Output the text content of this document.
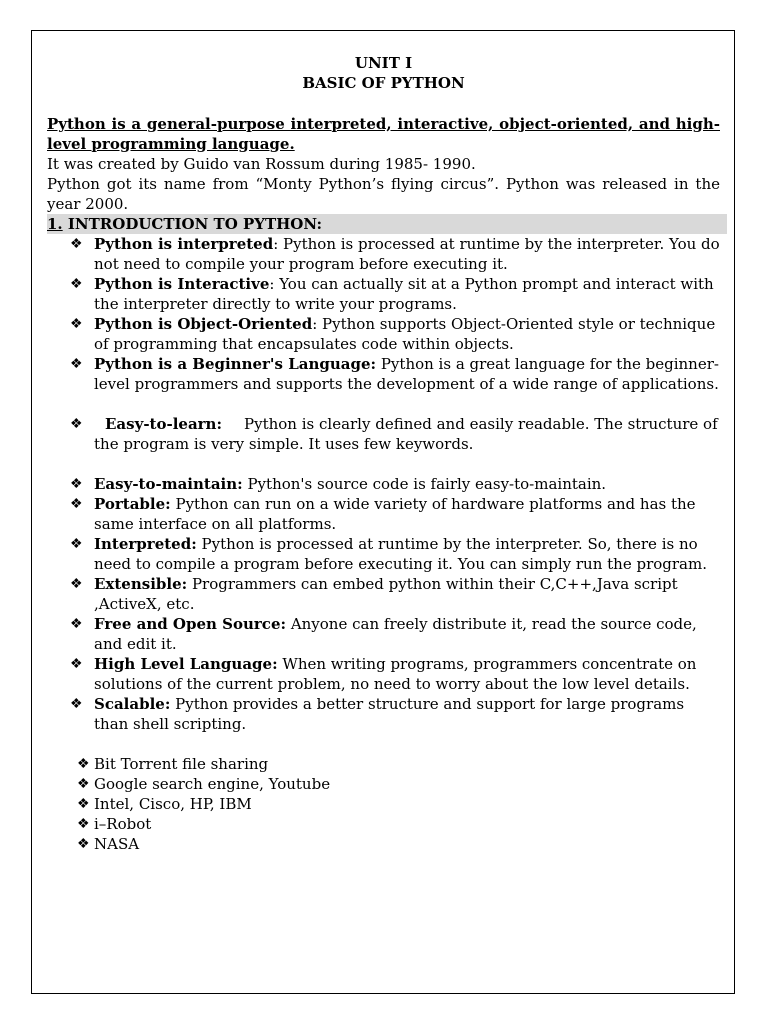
UNIT I

BASIC OF PYTHON

Python is a general-purpose interpreted, interactive, object-oriented, and high-level programming language.

It was created by Guido van Rossum during 1985- 1990.

Python got its name from “Monty Python’s flying circus”. Python was released in the year 2000.

1. INTRODUCTION TO PYTHON:
❖ Python is interpreted: Python is processed at runtime by the interpreter. You do not need to compile your program before executing it.
❖ Python is Interactive: You can actually sit at a Python prompt and interact with the interpreter directly to write your programs.
❖ Python is Object-Oriented: Python supports Object-Oriented style or technique of programming that encapsulates code within objects.
❖ Python is a Beginner's Language: Python is a great language for the beginner-level programmers and supports the development of a wide range of applications.
❖ Easy-to-learn: Python is clearly defined and easily readable. The structure of the program is very simple. It uses few keywords.
❖ Easy-to-maintain: Python's source code is fairly easy-to-maintain.
❖ Portable: Python can run on a wide variety of hardware platforms and has the same interface on all platforms.
❖ Interpreted: Python is processed at runtime by the interpreter. So, there is no need to compile a program before executing it. You can simply run the program.
❖ Extensible: Programmers can embed python within their C,C++,Java script ,ActiveX, etc.
❖ Free and Open Source: Anyone can freely distribute it, read the source code, and edit it.
❖ High Level Language: When writing programs, programmers concentrate on solutions of the current problem, no need to worry about the low level details.
❖ Scalable: Python provides a better structure and support for large programs than shell scripting.
❖ Bit Torrent file sharing
❖ Google search engine, Youtube
❖ Intel, Cisco, HP, IBM
❖ i–Robot
❖ NASA
